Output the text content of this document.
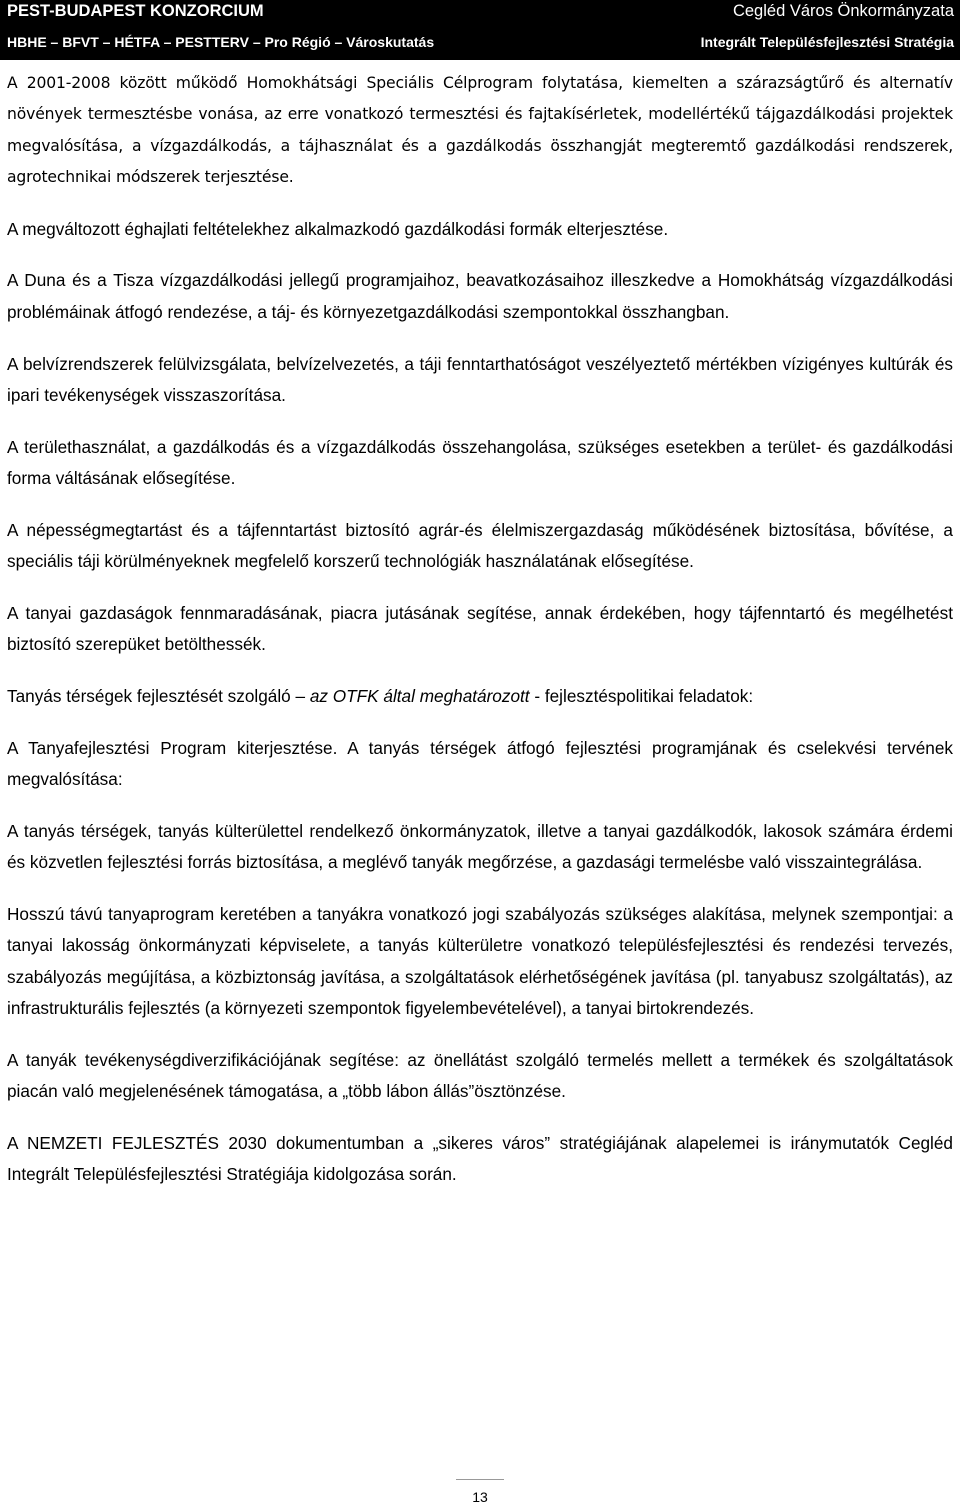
PEST-BUDAPEST KONZORCIUM	Cegléd Város Önkormányzata
HBHE – BFVT – HÉTFA – PESTTERV – Pro Régió – Városkutatás	Integrált Településfejlesztési Stratégia

A 2001-2008 között működő Homokhátsági Speciális Célprogram folytatása, kiemelten a szárazságtűrő és alternatív növények termesztésbe vonása, az erre vonatkozó termesztési és fajtakísérletek, modellértékű tájgazdálkodási projektek megvalósítása, a vízgazdálkodás, a tájhasználat és a gazdálkodás összhangját megteremtő gazdálkodási rendszerek, agrotechnikai módszerek terjesztése.

A megváltozott éghajlati feltételekhez alkalmazkodó gazdálkodási formák elterjesztése.

A Duna és a Tisza vízgazdálkodási jellegű programjaihoz, beavatkozásaihoz illeszkedve a Homokhátság vízgazdálkodási problémáinak átfogó rendezése, a táj- és környezetgazdálkodási szempontokkal összhangban.

A belvízrendszerek felülvizsgálata, belvízelvezetés, a táji fenntarthatóságot veszélyeztető mértékben vízigényes kultúrák és ipari tevékenységek visszaszorítása.

A területhasználat, a gazdálkodás és a vízgazdálkodás összehangolása, szükséges esetekben a terület- és gazdálkodási forma váltásának elősegítése.

A népességmegtartást és a tájfenntartást biztosító agrár-és élelmiszergazdaság működésének biztosítása, bővítése, a speciális táji körülményeknek megfelelő korszerű technológiák használatának elősegítése.

A tanyai gazdaságok fennmaradásának, piacra jutásának segítése, annak érdekében, hogy tájfenntartó és megélhetést biztosító szerepüket betölthessék.

Tanyás térségek fejlesztését szolgáló – az OTFK által meghatározott - fejlesztéspolitikai feladatok:

A Tanyafejlesztési Program kiterjesztése. A tanyás térségek átfogó fejlesztési programjának és cselekvési tervének megvalósítása:

A tanyás térségek, tanyás külterülettel rendelkező önkormányzatok, illetve a tanyai gazdálkodók, lakosok számára érdemi és közvetlen fejlesztési forrás biztosítása, a meglévő tanyák megőrzése, a gazdasági termelésbe való visszaintegrálása.

Hosszú távú tanyaprogram keretében a tanyákra vonatkozó jogi szabályozás szükséges alakítása, melynek szempontjai: a tanyai lakosság önkormányzati képviselete, a tanyás külterületre vonatkozó településfejlesztési és rendezési tervezés, szabályozás megújítása, a közbiztonság javítása, a szolgáltatások elérhetőségének javítása (pl. tanyabusz szolgáltatás), az infrastrukturális fejlesztés (a környezeti szempontok figyelembevételével), a tanyai birtokrendezés.

A tanyák tevékenységdiverzifikációjának segítése: az önellátást szolgáló termelés mellett a termékek és szolgáltatások piacán való megjelenésének támogatása, a „több lábon állás”ösztönzése.

A NEMZETI FEJLESZTÉS 2030 dokumentumban a „sikeres város” stratégiájának alapelemei is iránymutatók Cegléd Integrált Településfejlesztési Stratégiája kidolgozása során.

13
